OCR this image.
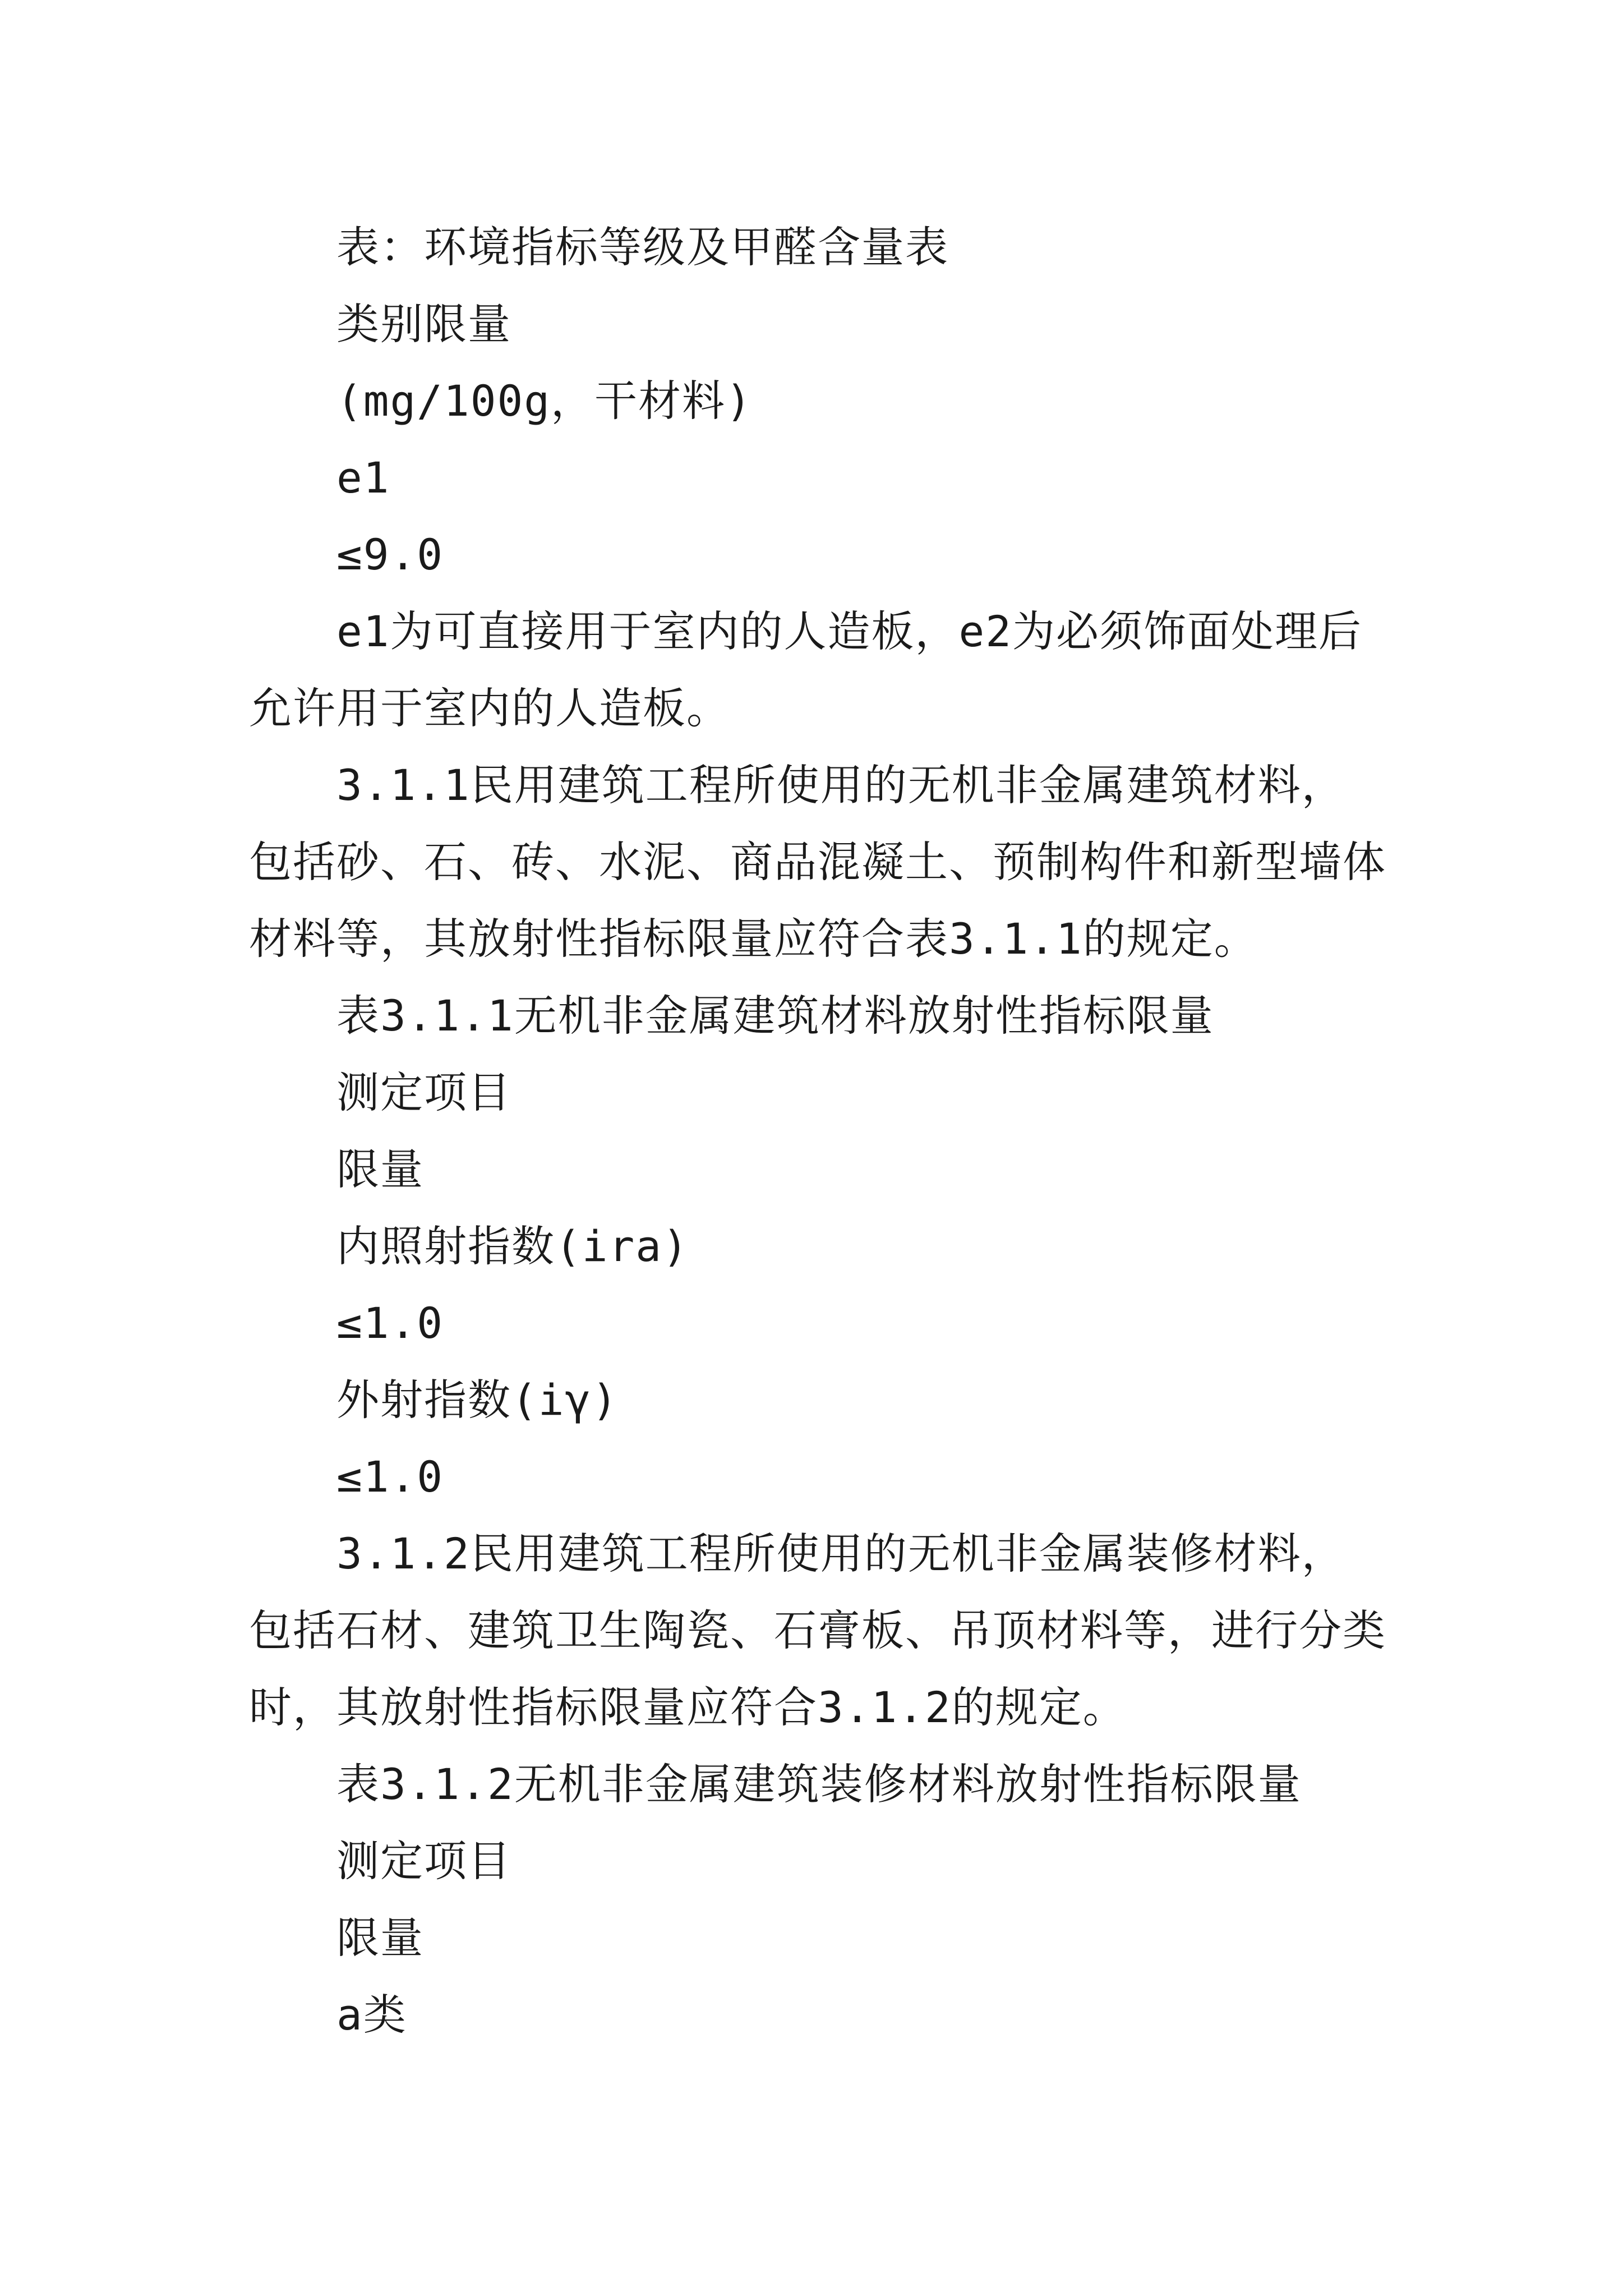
表：环境指标等级及甲醛含量表

类别限量

(mg/100g，干材料)

e1

≤9.0

e1为可直接用于室内的人造板，e2为必须饰面处理后允许用于室内的人造板。

3.1.1民用建筑工程所使用的无机非金属建筑材料，包括砂、石、砖、水泥、商品混凝土、预制构件和新型墙体材料等，其放射性指标限量应符合表3.1.1的规定。

表3.1.1无机非金属建筑材料放射性指标限量

测定项目

限量

内照射指数(ira)

≤1.0

外射指数(iγ)

≤1.0

3.1.2民用建筑工程所使用的无机非金属装修材料，包括石材、建筑卫生陶瓷、石膏板、吊顶材料等，进行分类时，其放射性指标限量应符合3.1.2的规定。

表3.1.2无机非金属建筑装修材料放射性指标限量

测定项目

限量

a类
